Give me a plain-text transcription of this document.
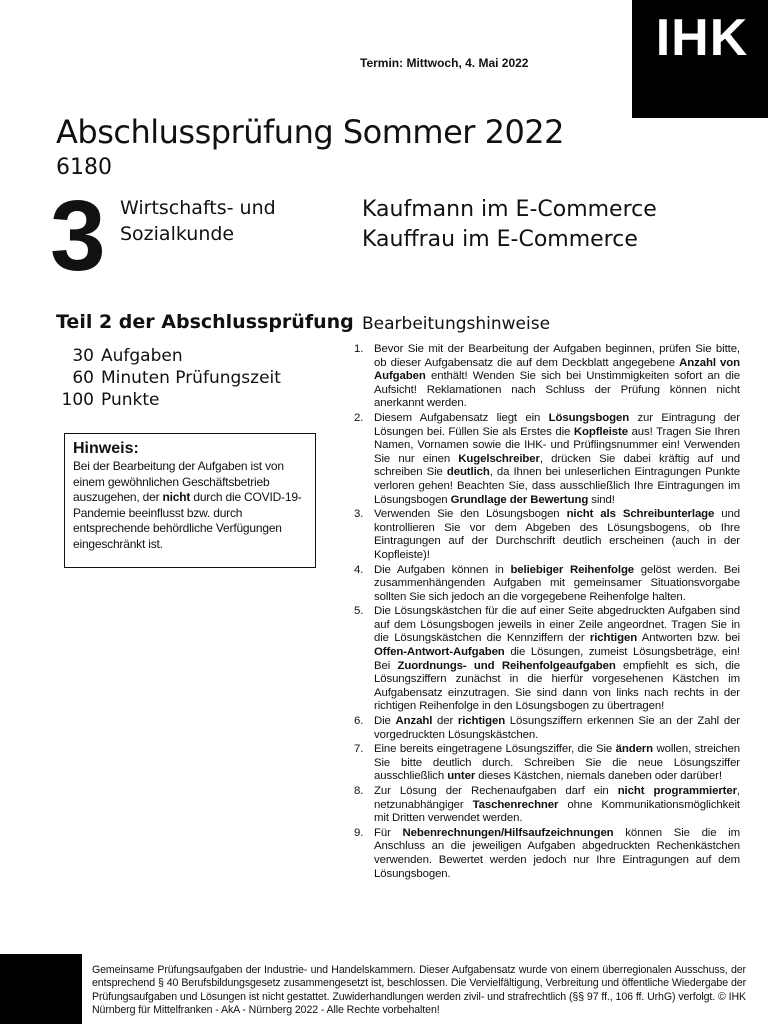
IHK
Termin: Mittwoch, 4. Mai 2022
Abschlussprüfung Sommer 2022
6180
3 Wirtschafts- und
Sozialkunde
Kaufmann im E-Commerce
Kauffrau im E-Commerce
Teil 2 der Abschlussprüfung
30 Aufgaben
60 Minuten Prüfungszeit
100 Punkte
Hinweis:
Bei der Bearbeitung der Aufgaben ist von einem gewöhnlichen Geschäftsbetrieb auszugehen, der nicht durch die COVID-19-Pandemie beeinflusst bzw. durch entsprechende behördliche Verfügungen eingeschränkt ist.
Bearbeitungshinweise
1. Bevor Sie mit der Bearbeitung der Aufgaben beginnen, prüfen Sie bitte, ob dieser Aufgabensatz die auf dem Deckblatt angegebene Anzahl von Aufgaben enthält! Wenden Sie sich bei Unstimmigkeiten sofort an die Aufsicht! Reklamationen nach Schluss der Prüfung können nicht anerkannt werden.
2. Diesem Aufgabensatz liegt ein Lösungsbogen zur Eintragung der Lösungen bei. Füllen Sie als Erstes die Kopfleiste aus! Tragen Sie Ihren Namen, Vornamen sowie die IHK- und Prüflingsnummer ein! Verwenden Sie nur einen Kugelschreiber, drücken Sie dabei kräftig auf und schreiben Sie deutlich, da Ihnen bei unleserlichen Eintragungen Punkte verloren gehen! Beachten Sie, dass ausschließlich Ihre Eintragungen im Lösungsbogen Grundlage der Bewertung sind!
3. Verwenden Sie den Lösungsbogen nicht als Schreibunterlage und kontrollieren Sie vor dem Abgeben des Lösungsbogens, ob Ihre Eintragungen auf der Durchschrift deutlich erscheinen (auch in der Kopfleiste)!
4. Die Aufgaben können in beliebiger Reihenfolge gelöst werden. Bei zusammenhängenden Aufgaben mit gemeinsamer Situationsvorgabe sollten Sie sich jedoch an die vorgegebene Reihenfolge halten.
5. Die Lösungskästchen für die auf einer Seite abgedruckten Aufgaben sind auf dem Lösungsbogen jeweils in einer Zeile angeordnet. Tragen Sie in die Lösungskästchen die Kennziffern der richtigen Antworten bzw. bei Offen-Antwort-Aufgaben die Lösungen, zumeist Lösungsbeträge, ein! Bei Zuordnungs- und Reihenfolgeaufgaben empfiehlt es sich, die Lösungsziffern zunächst in die hierfür vorgesehenen Kästchen im Aufgabensatz einzutragen. Sie sind dann von links nach rechts in der richtigen Reihenfolge in den Lösungsbogen zu übertragen!
6. Die Anzahl der richtigen Lösungsziffern erkennen Sie an der Zahl der vorgedruckten Lösungskästchen.
7. Eine bereits eingetragene Lösungsziffer, die Sie ändern wollen, streichen Sie bitte deutlich durch. Schreiben Sie die neue Lösungsziffer ausschließlich unter dieses Kästchen, niemals daneben oder darüber!
8. Zur Lösung der Rechenaufgaben darf ein nicht programmierter, netzunabhängiger Taschenrechner ohne Kommunikationsmöglichkeit mit Dritten verwendet werden.
9. Für Nebenrechnungen/Hilfsaufzeichnungen können Sie die im Anschluss an die jeweiligen Aufgaben abgedruckten Rechenkästchen verwenden. Bewertet werden jedoch nur Ihre Eintragungen auf dem Lösungsbogen.
Gemeinsame Prüfungsaufgaben der Industrie- und Handelskammern. Dieser Aufgabensatz wurde von einem überregionalen Ausschuss, der entsprechend § 40 Berufsbildungsgesetz zusammengesetzt ist, beschlossen. Die Vervielfältigung, Verbreitung und öffentliche Wiedergabe der Prüfungsaufgaben und Lösungen ist nicht gestattet. Zuwiderhandlungen werden zivil- und strafrechtlich (§§ 97 ff., 106 ff. UrhG) verfolgt. © IHK Nürnberg für Mittelfranken - AkA - Nürnberg 2022 - Alle Rechte vorbehalten!
